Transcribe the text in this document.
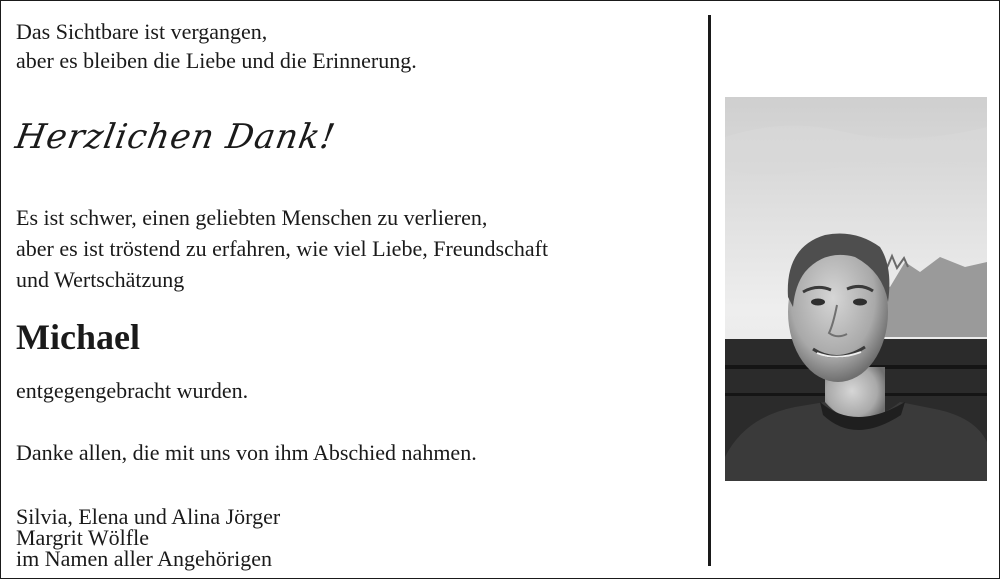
Das Sichtbare ist vergangen,
aber es bleiben die Liebe und die Erinnerung.
Herzlichen Dank!
Es ist schwer, einen geliebten Menschen zu verlieren,
aber es ist tröstend zu erfahren, wie viel Liebe, Freundschaft
und Wertschätzung
Michael
entgegengebracht wurden.
Danke allen, die mit uns von ihm Abschied nahmen.
Silvia, Elena und Alina Jörger
Margrit Wölfle
im Namen aller Angehörigen
